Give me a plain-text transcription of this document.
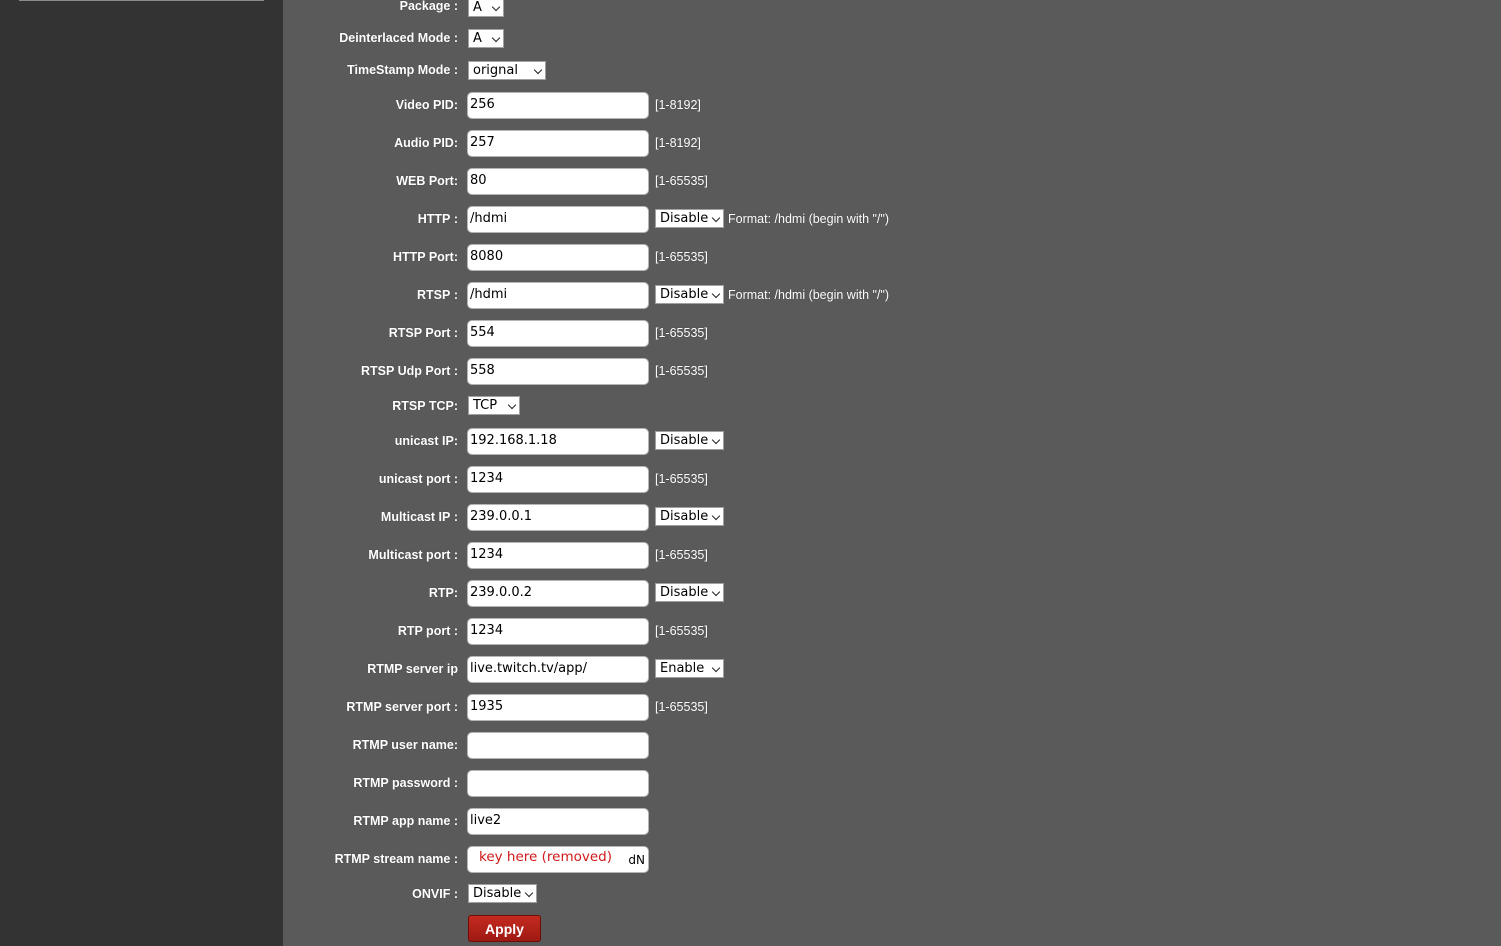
Package :	A
Deinterlaced Mode :	A
TimeStamp Mode :	orignal
Video PID: 256	[1-8192]
Audio PID: 257	[1-8192]
WEB Port: 80	[1-65535]
HTTP : /hdmi	Disable	Format: /hdmi (begin with "/")
HTTP Port: 8080	[1-65535]
RTSP : /hdmi	Disable	Format: /hdmi (begin with "/")
RTSP Port : 554	[1-65535]
RTSP Udp Port : 558	[1-65535]
RTSP TCP:	TCP
unicast IP: 192.168.1.18	Disable
unicast port : 1234	[1-65535]
Multicast IP : 239.0.0.1	Disable
Multicast port : 1234	[1-65535]
RTP: 239.0.0.2	Disable
RTP port : 1234	[1-65535]
RTMP server ip live.twitch.tv/app/	Enable
RTMP server port : 1935	[1-65535]
RTMP user name:
RTMP password :
RTMP app name : live2
RTMP stream name : key here (removed) dN
ONVIF :	Disable
Apply
